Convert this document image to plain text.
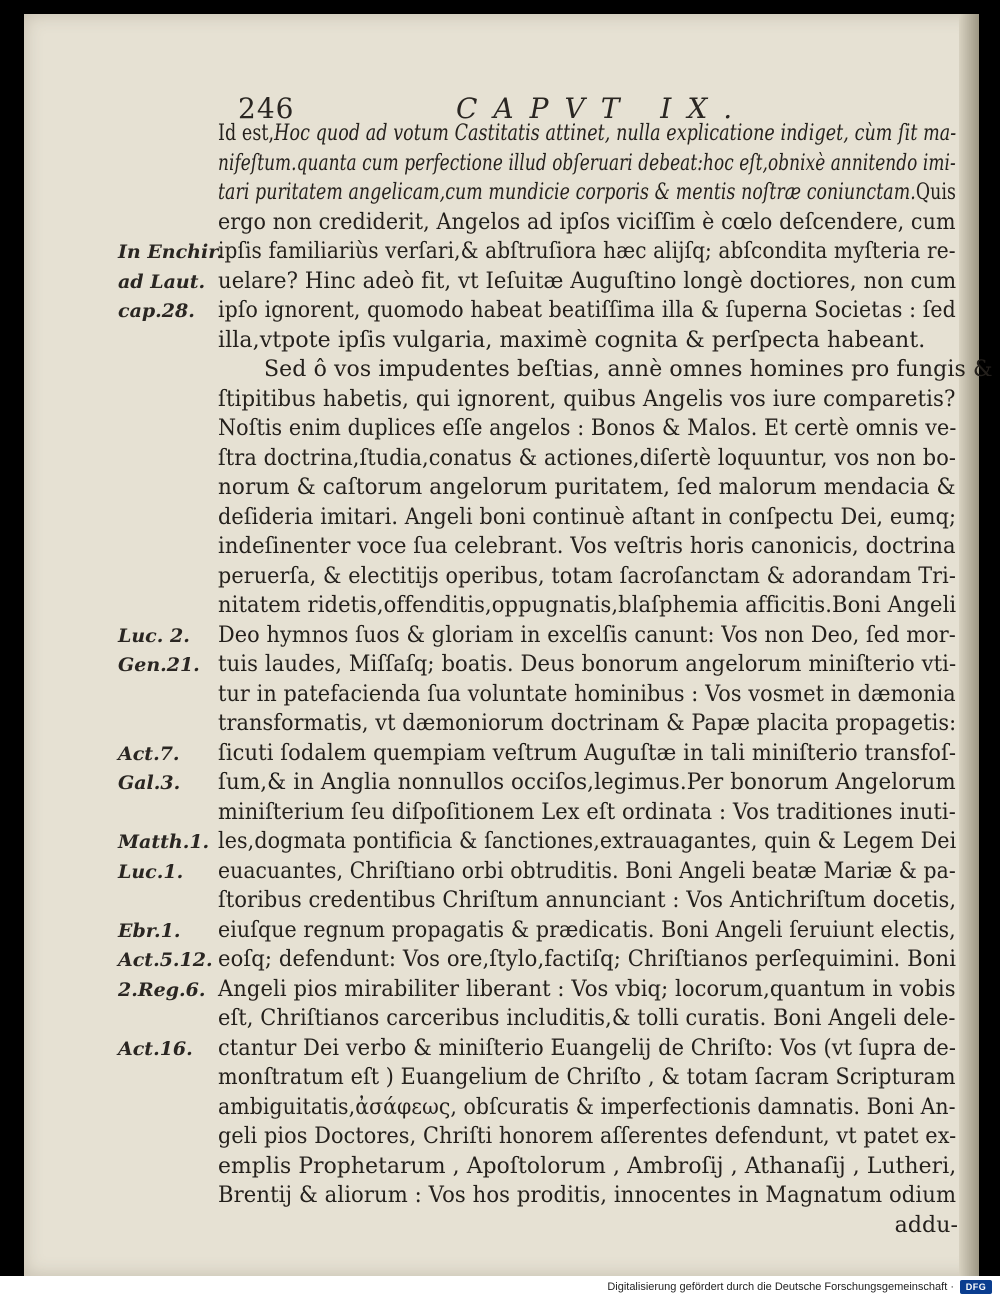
246	CAPVT IX.
Id est,Hoc quod ad votum Castitatis attinet, nulla explicatione indiget, cùm ſit ma-
nifeſtum.quanta cum perfectione illud obſeruari debeat:hoc eſt,obnixè annitendo imi-
tari puritatem angelicam,cum mundicie corporis & mentis noſtræ coniunctam.Quis
ergo non crediderit, Angelos ad ipſos viciſſim è cœlo deſcendere, cum
ipſis familiariùs verſari,& abſtruſiora hæc alijſq; abſcondita myſteria re-
uelare? Hinc adeò fit, vt Ieſuitæ Auguſtino longè doctiores, non cum
ipſo ignorent, quomodo habeat beatiſſima illa & ſuperna Societas : ſed
illa,vtpote ipſis vulgaria, maximè cognita & perſpecta habeant.
Sed ô vos impudentes beſtias, annè omnes homines pro fungis &
ſtipitibus habetis, qui ignorent, quibus Angelis vos iure comparetis?
Noſtis enim duplices eſſe angelos : Bonos & Malos. Et certè omnis ve-
ſtra doctrina,ſtudia,conatus & actiones,diſertè loquuntur, vos non bo-
norum & caſtorum angelorum puritatem, ſed malorum mendacia &
deſideria imitari. Angeli boni continuè aſtant in conſpectu Dei, eumq;
indeſinenter voce ſua celebrant. Vos veſtris horis canonicis, doctrina
peruerſa, & electitijs operibus, totam ſacroſanctam & adorandam Tri-
nitatem ridetis,offenditis,oppugnatis,blaſphemia afficitis.Boni Angeli
Deo hymnos ſuos & gloriam in excelſis canunt: Vos non Deo, ſed mor-
tuis laudes, Miſſaſq; boatis. Deus bonorum angelorum miniſterio vti-
tur in patefacienda ſua voluntate hominibus : Vos vosmet in dæmonia
transformatis, vt dæmoniorum doctrinam & Papæ placita propagetis:
ſicuti ſodalem quempiam veſtrum Auguſtæ in tali miniſterio transfoſ-
ſum,& in Anglia nonnullos occiſos,legimus.Per bonorum Angelorum
miniſterium ſeu diſpoſitionem Lex eſt ordinata : Vos traditiones inuti-
les,dogmata pontificia & ſanctiones,extrauagantes, quin & Legem Dei
euacuantes, Chriſtiano orbi obtruditis. Boni Angeli beatæ Mariæ & pa-
ſtoribus credentibus Chriſtum annunciant : Vos Antichriſtum docetis,
eiuſque regnum propagatis & prædicatis. Boni Angeli ſeruiunt electis,
eoſq; defendunt: Vos ore,ſtylo,factiſq; Chriſtianos perſequimini. Boni
Angeli pios mirabiliter liberant : Vos vbiq; locorum,quantum in vobis
eſt, Chriſtianos carceribus includitis,& tolli curatis. Boni Angeli dele-
ctantur Dei verbo & miniſterio Euangelij de Chriſto: Vos (vt ſupra de-
monſtratum eſt ) Euangelium de Chriſto , & totam ſacram Scripturam
ambiguitatis,ἀσάφεως, obſcuratis & imperfectionis damnatis. Boni An-
geli pios Doctores, Chriſti honorem aſſerentes defendunt, vt patet ex-
emplis Prophetarum , Apoſtolorum , Ambroſij , Athanaſij , Lutheri,
Brentij & aliorum : Vos hos proditis, innocentes in Magnatum odium
addu-
In Enchir.
ad Laut.
cap.28.
Luc. 2.
Gen.21.
Act.7.
Gal.3.
Matth.1.
Luc.1.
Ebr.1.
Act.5.12.
2.Reg.6.
Act.16.
Digitalisierung gefördert durch die Deutsche Forschungsgemeinschaft ·	DFG
